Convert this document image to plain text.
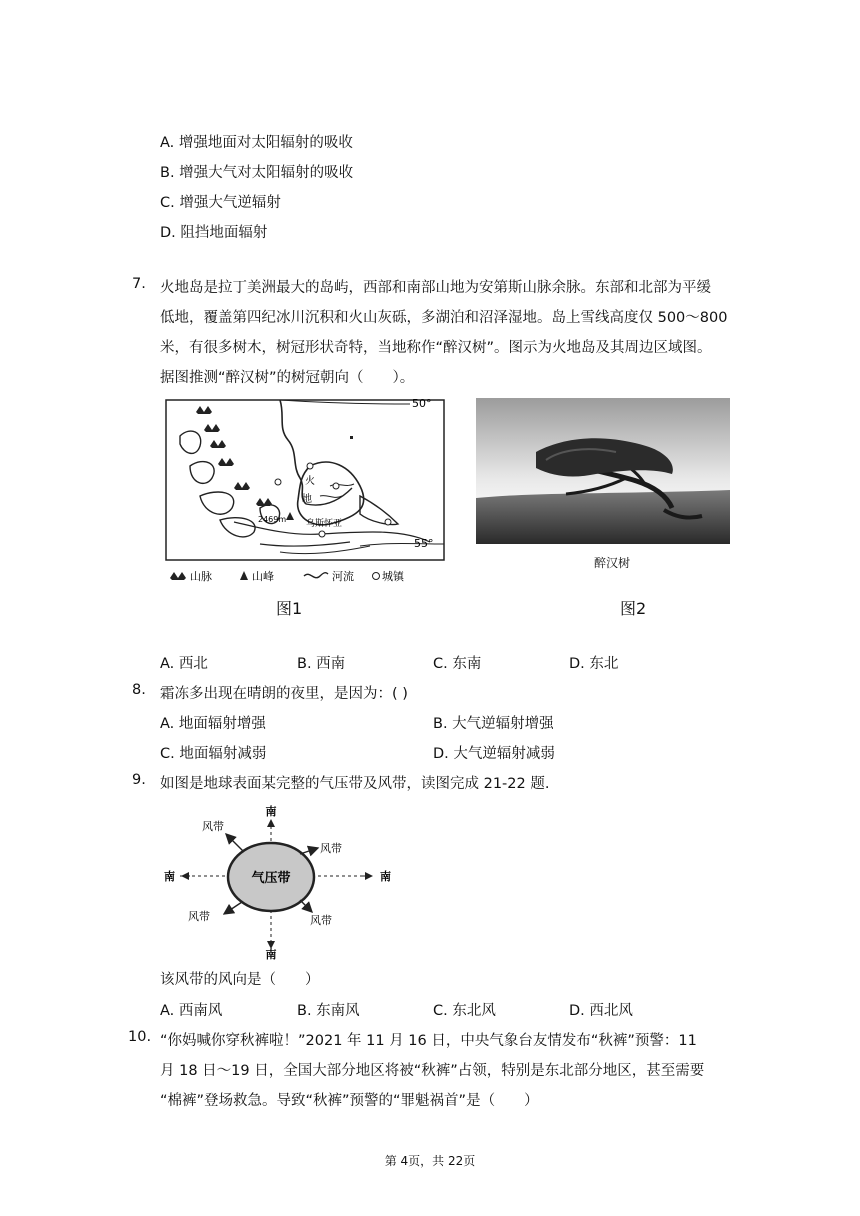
A. 增强地面对太阳辐射的吸收
B. 增强大气对太阳辐射的吸收
C. 增强大气逆辐射
D. 阻挡地面辐射
7. 火地岛是拉丁美洲最大的岛屿，西部和南部山地为安第斯山脉余脉。东部和北部为平缓
低地，覆盖第四纪冰川沉积和火山灰砾，多湖泊和沼泽湿地。岛上雪线高度仅 500～800
米，有很多树木，树冠形状奇特，当地称作“醉汉树”。图示为火地岛及其周边区域图。
据图推测“醉汉树”的树冠朝向（　　）。
50°
55°
火
地
2469m 乌斯怀亚
山脉	山峰	河流	城镇
图1
醉汉树
图2
A. 西北	B. 西南	C. 东南	D. 东北
8. 霜冻多出现在晴朗的夜里，是因为：( )
A. 地面辐射增强	B. 大气逆辐射增强
C. 地面辐射减弱	D. 大气逆辐射减弱
9. 如图是地球表面某完整的气压带及风带，读图完成 21-22 题.
气压带
南
南
南	南
风带
风带
风带	风带
该风带的风向是（　　）
A. 西南风	B. 东南风	C. 东北风	D. 西北风
10. “你妈喊你穿秋裤啦！”2021 年 11 月 16 日，中央气象台友情发布“秋裤”预警：11
月 18 日～19 日，全国大部分地区将被“秋裤”占领，特别是东北部分地区，甚至需要
“棉裤”登场救急。导致“秋裤”预警的“罪魁祸首”是（　　）
第 4页，共 22页
